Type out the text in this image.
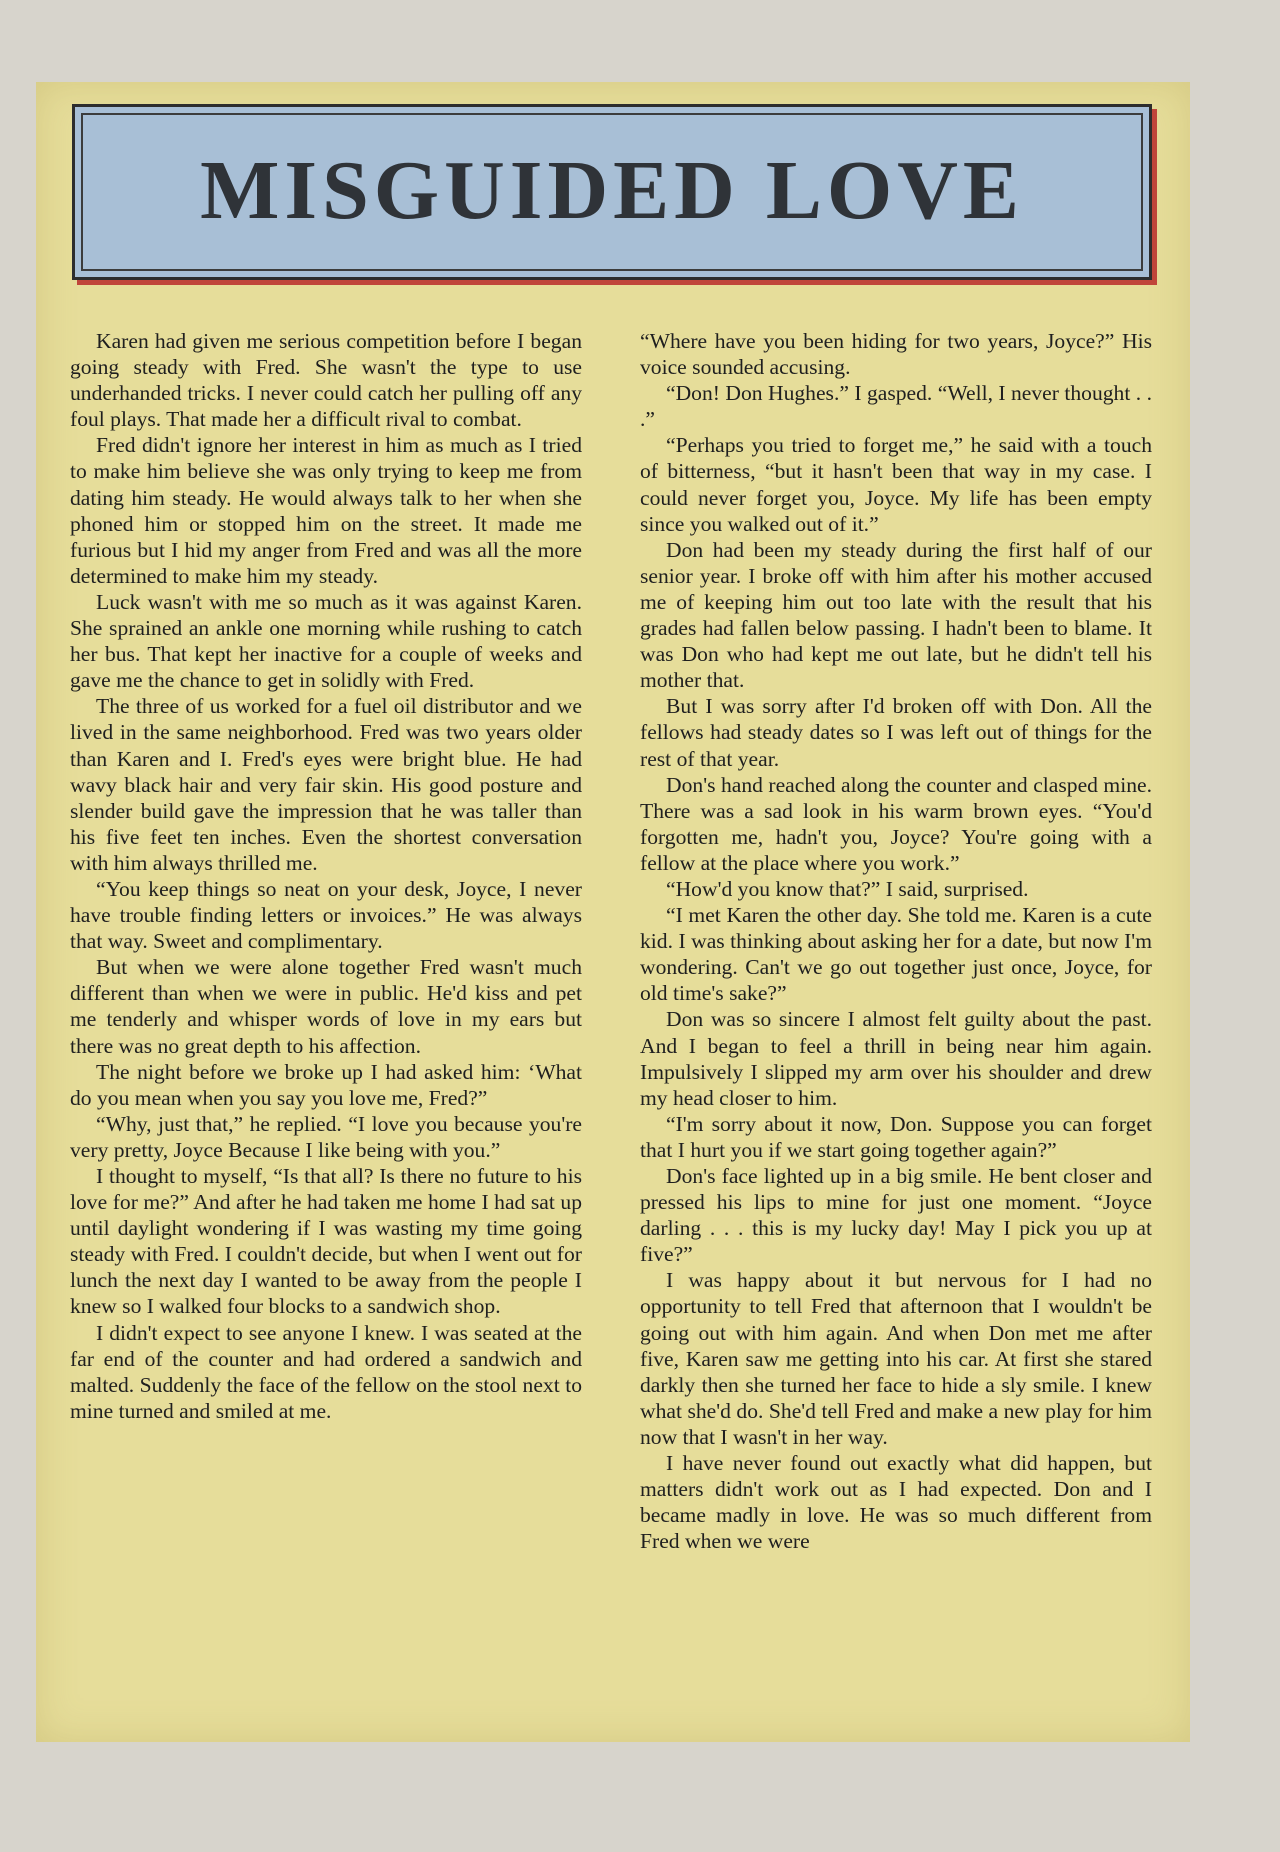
MISGUIDED LOVE

Karen had given me serious competition before I began going steady with Fred. She wasn't the type to use underhanded tricks. I never could catch her pulling off any foul plays. That made her a difficult rival to combat.

Fred didn't ignore her interest in him as much as I tried to make him believe she was only trying to keep me from dating him steady. He would always talk to her when she phoned him or stopped him on the street. It made me furious but I hid my anger from Fred and was all the more determined to make him my steady.

Luck wasn't with me so much as it was against Karen. She sprained an ankle one morning while rushing to catch her bus. That kept her inactive for a couple of weeks and gave me the chance to get in solidly with Fred.

The three of us worked for a fuel oil distributor and we lived in the same neighborhood. Fred was two years older than Karen and I. Fred's eyes were bright blue. He had wavy black hair and very fair skin. His good posture and slender build gave the impression that he was taller than his five feet ten inches. Even the shortest conversation with him always thrilled me.

“You keep things so neat on your desk, Joyce, I never have trouble finding letters or invoices.” He was always that way. Sweet and complimentary.

But when we were alone together Fred wasn't much different than when we were in public. He'd kiss and pet me tenderly and whisper words of love in my ears but there was no great depth to his affection.

The night before we broke up I had asked him: ‘What do you mean when you say you love me, Fred?”

“Why, just that,” he replied. “I love you because you're very pretty, Joyce Because I like being with you.”

I thought to myself, “Is that all? Is there no future to his love for me?” And after he had taken me home I had sat up until daylight wondering if I was wasting my time going steady with Fred. I couldn't decide, but when I went out for lunch the next day I wanted to be away from the people I knew so I walked four blocks to a sandwich shop.

I didn't expect to see anyone I knew. I was seated at the far end of the counter and had ordered a sandwich and malted. Suddenly the face of the fellow on the stool next to mine turned and smiled at me.

“Where have you been hiding for two years, Joyce?” His voice sounded accusing.

“Don! Don Hughes.” I gasped. “Well, I never thought . . .”

“Perhaps you tried to forget me,” he said with a touch of bitterness, “but it hasn't been that way in my case. I could never forget you, Joyce. My life has been empty since you walked out of it.”

Don had been my steady during the first half of our senior year. I broke off with him after his mother accused me of keeping him out too late with the result that his grades had fallen below passing. I hadn't been to blame. It was Don who had kept me out late, but he didn't tell his mother that.

But I was sorry after I'd broken off with Don. All the fellows had steady dates so I was left out of things for the rest of that year.

Don's hand reached along the counter and clasped mine. There was a sad look in his warm brown eyes. “You'd forgotten me, hadn't you, Joyce? You're going with a fellow at the place where you work.”

“How'd you know that?” I said, surprised.

“I met Karen the other day. She told me. Karen is a cute kid. I was thinking about asking her for a date, but now I'm wondering. Can't we go out together just once, Joyce, for old time's sake?”

Don was so sincere I almost felt guilty about the past. And I began to feel a thrill in being near him again. Impulsively I slipped my arm over his shoulder and drew my head closer to him.

“I'm sorry about it now, Don. Suppose you can forget that I hurt you if we start going together again?”

Don's face lighted up in a big smile. He bent closer and pressed his lips to mine for just one moment. “Joyce darling . . . this is my lucky day! May I pick you up at five?”

I was happy about it but nervous for I had no opportunity to tell Fred that afternoon that I wouldn't be going out with him again. And when Don met me after five, Karen saw me getting into his car. At first she stared darkly then she turned her face to hide a sly smile. I knew what she'd do. She'd tell Fred and make a new play for him now that I wasn't in her way.

I have never found out exactly what did happen, but matters didn't work out as I had expected. Don and I became madly in love. He was so much different from Fred when we were
